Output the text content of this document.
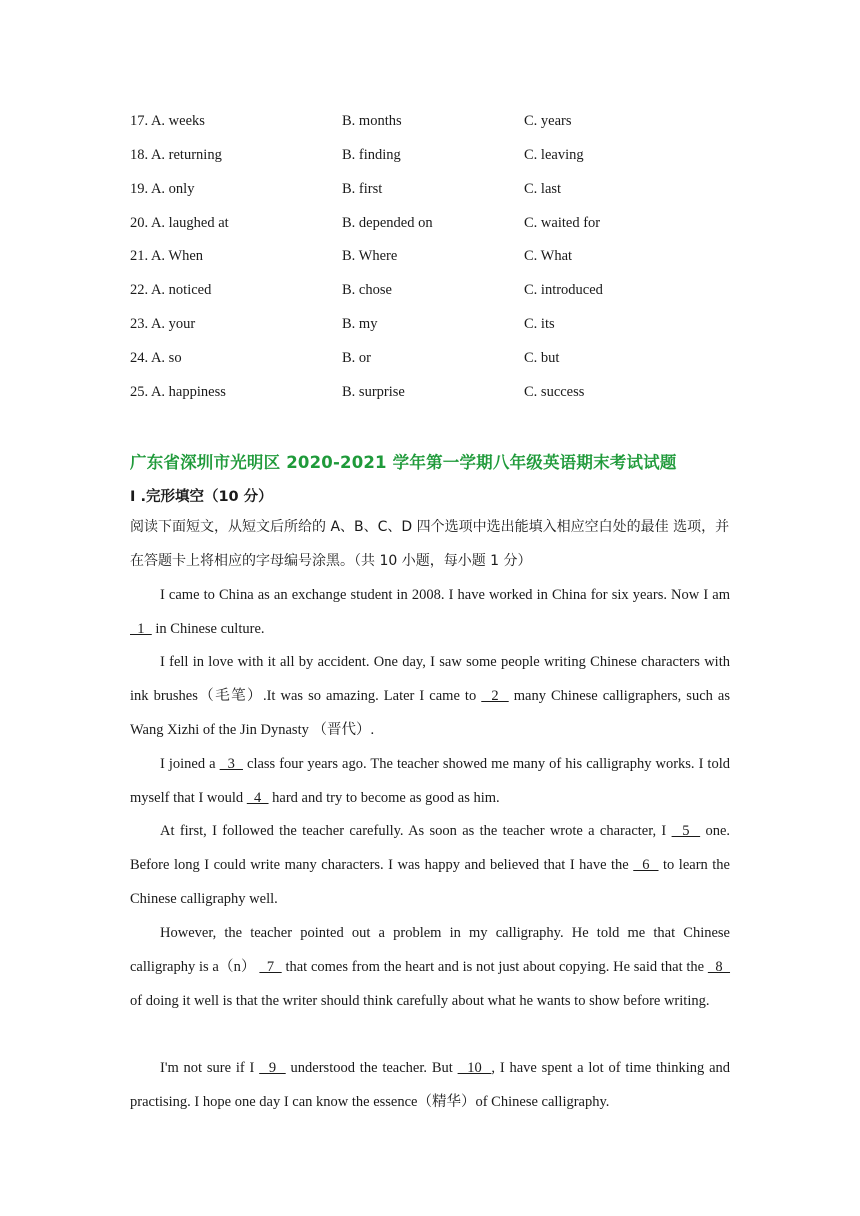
17. A. weeks	B. months	C. years
18. A. returning	B. finding	C. leaving
19. A. only	B. first	C. last
20. A. laughed at	B. depended on	C. waited for
21. A. When	B. Where	C. What
22. A. noticed	B. chose	C. introduced
23. A. your	B. my	C. its
24. A. so	B. or	C. but
25. A. happiness	B. surprise	C. success
广东省深圳市光明区 2020-2021 学年第一学期八年级英语期末考试试题
I .完形填空（10 分）
阅读下面短文，从短文后所给的 A、B、C、D 四个选项中选出能填入相应空白处的最佳 选项，并在答题卡上将相应的字母编号涂黑。（共 10 小题，每小题 1 分）

I came to China as an exchange student in 2008. I have worked in China for six years. Now I am   1   in Chinese culture.

I fell in love with it all by accident. One day, I saw some people writing Chinese characters with ink brushes（毛笔）.It was so amazing. Later I came to   2   many Chinese calligraphers, such as Wang Xizhi of the Jin Dynasty （晋代）.

I joined a   3   class four years ago. The teacher showed me many of his calligraphy works. I told myself that I would   4   hard and try to become as good as him.

At first, I followed the teacher carefully. As soon as the teacher wrote a character, I   5   one. Before long I could write many characters. I was happy and believed that I have the   6   to learn the Chinese calligraphy well.

However, the teacher pointed out a problem in my calligraphy. He told me that Chinese calligraphy is a（n）   7   that comes from the heart and is not just about copying. He said that the   8   of doing it well is that the writer should think carefully about what he wants to show before writing.

I'm not sure if I   9   understood the teacher. But   10  , I have spent a lot of time thinking and practising. I hope one day I can know the essence（精华）of Chinese calligraphy.
